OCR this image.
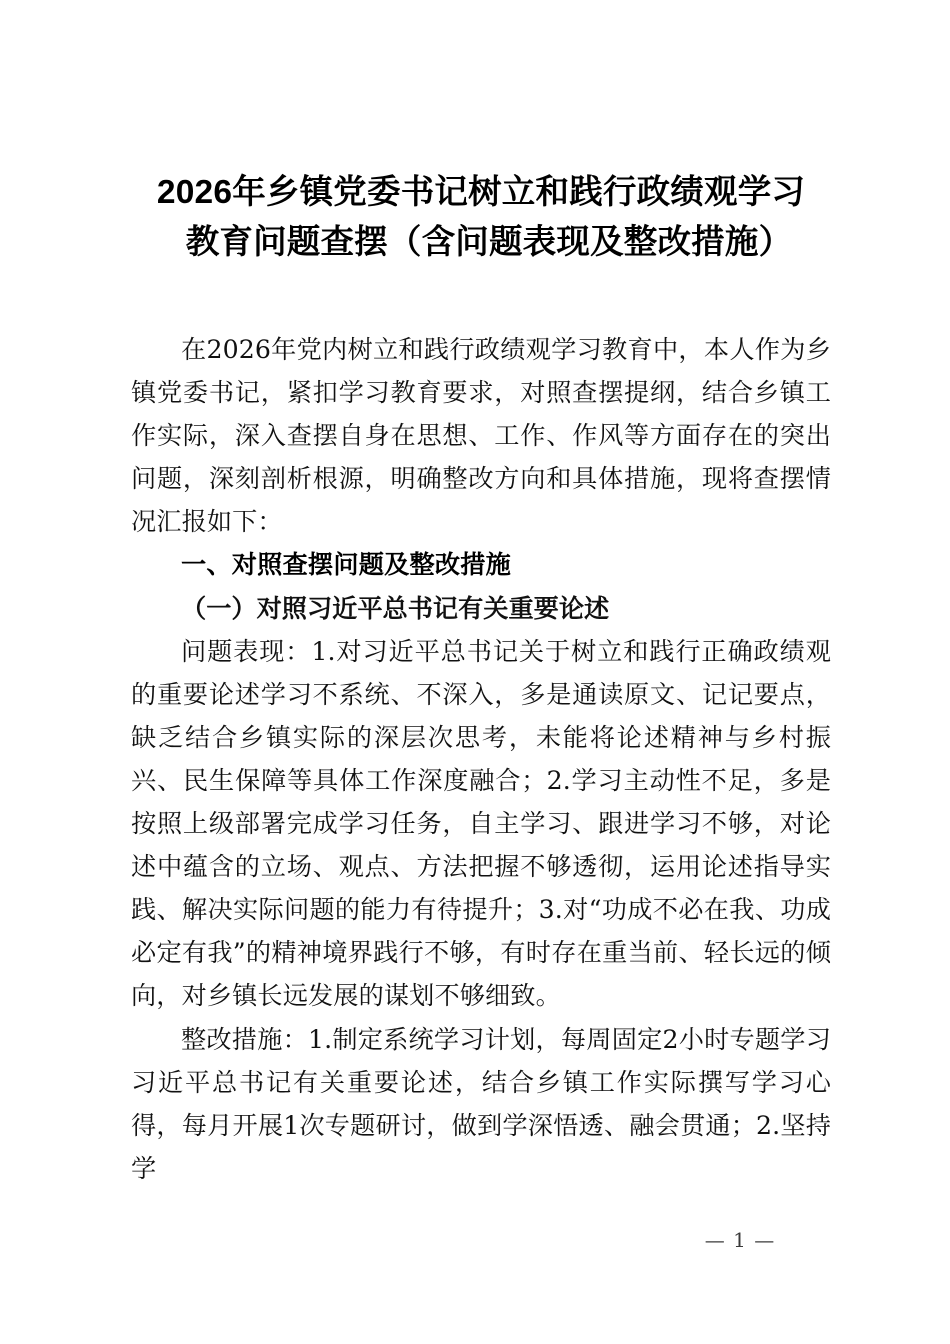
2026年乡镇党委书记树立和践行政绩观学习
教育问题查摆（含问题表现及整改措施）

在2026年党内树立和践行政绩观学习教育中，本人作为乡镇党委书记，紧扣学习教育要求，对照查摆提纲，结合乡镇工作实际，深入查摆自身在思想、工作、作风等方面存在的突出问题，深刻剖析根源，明确整改方向和具体措施，现将查摆情况汇报如下：

一、对照查摆问题及整改措施
（一）对照习近平总书记有关重要论述

问题表现：1.对习近平总书记关于树立和践行正确政绩观的重要论述学习不系统、不深入，多是通读原文、记记要点，缺乏结合乡镇实际的深层次思考，未能将论述精神与乡村振兴、民生保障等具体工作深度融合；2.学习主动性不足，多是按照上级部署完成学习任务，自主学习、跟进学习不够，对论述中蕴含的立场、观点、方法把握不够透彻，运用论述指导实践、解决实际问题的能力有待提升；3.对“功成不必在我、功成必定有我”的精神境界践行不够，有时存在重当前、轻长远的倾向，对乡镇长远发展的谋划不够细致。

整改措施：1.制定系统学习计划，每周固定2小时专题学习习近平总书记有关重要论述，结合乡镇工作实际撰写学习心得，每月开展1次专题研讨，做到学深悟透、融会贯通；2.坚持学

— 1 —
